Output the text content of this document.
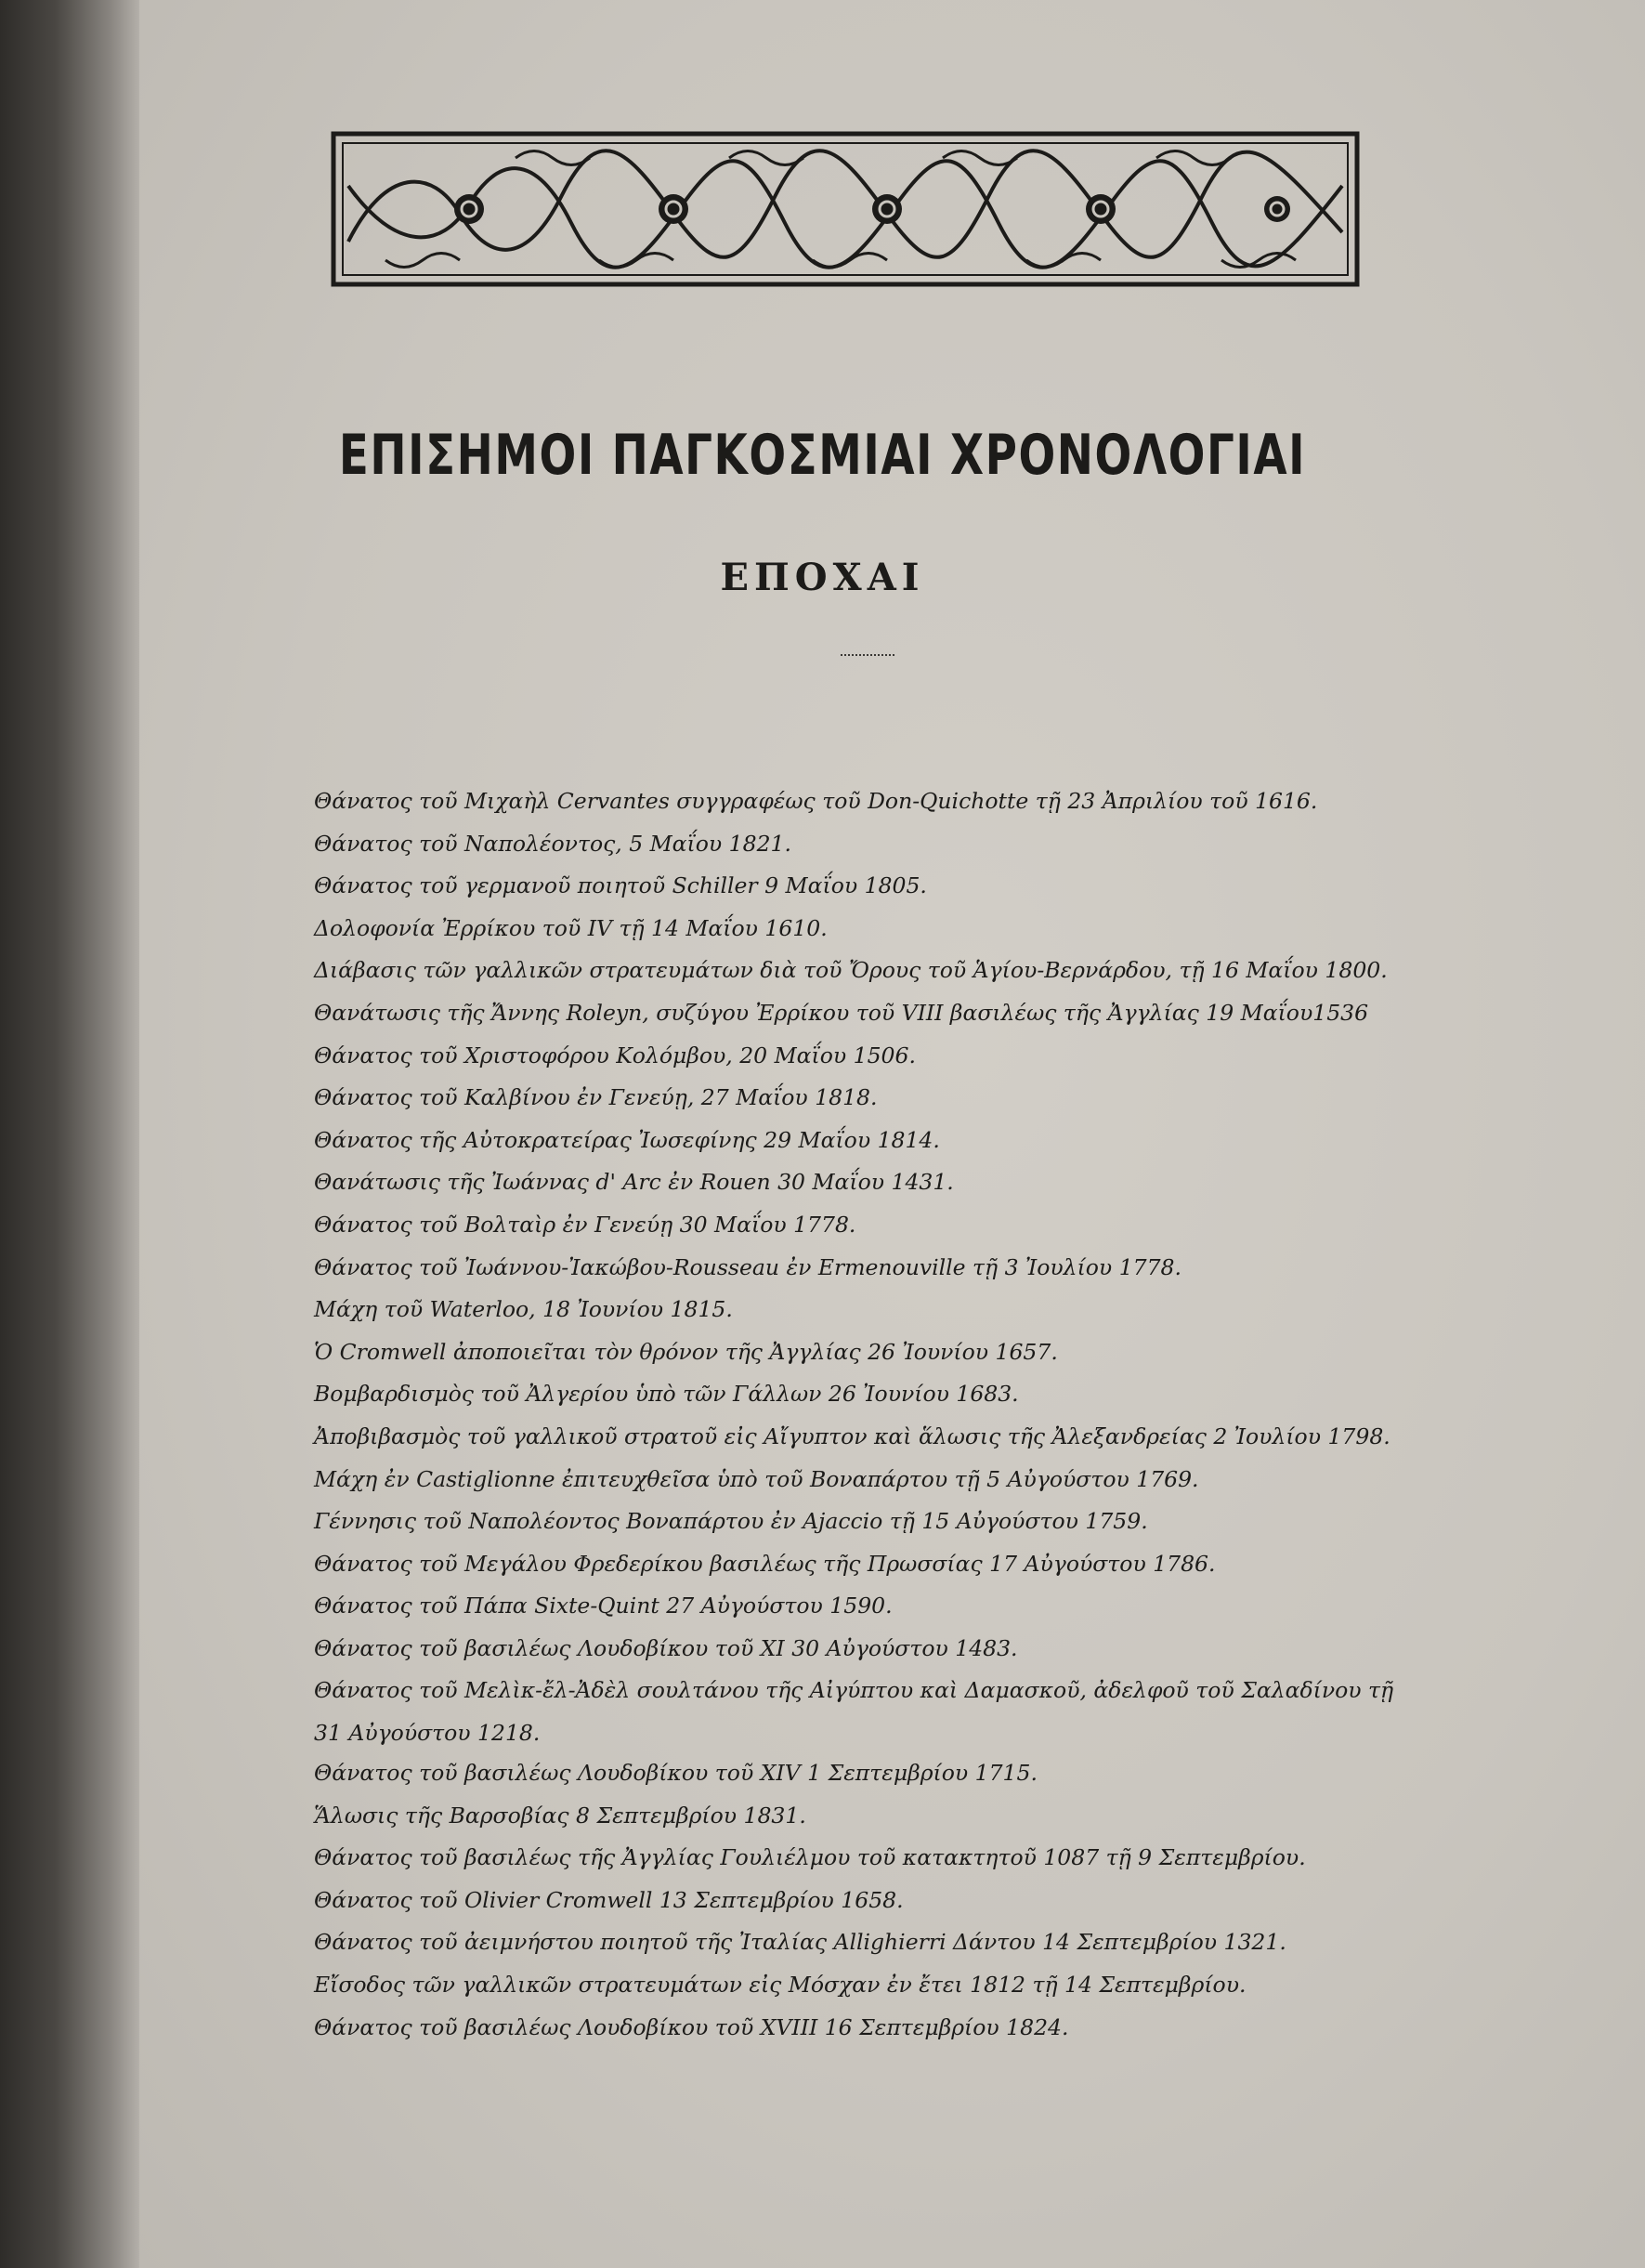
ΕΠΙΣΗΜΟΙ ΠΑΓΚΟΣΜΙΑΙ ΧΡΟΝΟΛΟΓΙΑΙ
ΕΠΟΧΑΙ
Θάνατος τοῦ Μιχαὴλ Cervantes συγγραφέως τοῦ Don-Quichotte τῇ 23 Ἀπριλίου τοῦ 1616.
Θάνατος τοῦ Ναπολέοντος, 5 Μαΐου 1821.
Θάνατος τοῦ γερμανοῦ ποιητοῦ Schiller 9 Μαΐου 1805.
Δολοφονία Ἐρρίκου τοῦ IV τῇ 14 Μαΐου 1610.
Διάβασις τῶν γαλλικῶν στρατευμάτων διὰ τοῦ Ὄρους τοῦ Ἁγίου-Βερνάρδου, τῇ 16 Μαΐου 1800.
Θανάτωσις τῆς Ἄννης Roleyn, συζύγου Ἐρρίκου τοῦ VIII βασιλέως τῆς Ἀγγλίας 19 Μαΐου1536
Θάνατος τοῦ Χριστοφόρου Κολόμβου, 20 Μαΐου 1506.
Θάνατος τοῦ Καλβίνου ἐν Γενεύῃ, 27 Μαΐου 1818.
Θάνατος τῆς Αὐτοκρατείρας Ἰωσεφίνης 29 Μαΐου 1814.
Θανάτωσις τῆς Ἰωάννας d' Arc ἐν Rouen 30 Μαΐου 1431.
Θάνατος τοῦ Βολταὶρ ἐν Γενεύῃ 30 Μαΐου 1778.
Θάνατος τοῦ Ἰωάννου-Ἰακώβου-Rousseau ἐν Ermenouville τῇ 3 Ἰουλίου 1778.
Μάχη τοῦ Waterloo, 18 Ἰουνίου 1815.
Ὁ Cromwell ἀποποιεῖται τὸν θρόνον τῆς Ἀγγλίας 26 Ἰουνίου 1657.
Βομβαρδισμὸς τοῦ Ἀλγερίου ὑπὸ τῶν Γάλλων 26 Ἰουνίου 1683.
Ἀποβιβασμὸς τοῦ γαλλικοῦ στρατοῦ εἰς Αἴγυπτον καὶ ἅλωσις τῆς Ἀλεξανδρείας 2 Ἰουλίου 1798.
Μάχη ἐν Castiglionne ἐπιτευχθεῖσα ὑπὸ τοῦ Βοναπάρτου τῇ 5 Αὐγούστου 1769.
Γέννησις τοῦ Ναπολέοντος Βοναπάρτου ἐν Ajaccio τῇ 15 Αὐγούστου 1759.
Θάνατος τοῦ Μεγάλου Φρεδερίκου βασιλέως τῆς Πρωσσίας 17 Αὐγούστου 1786.
Θάνατος τοῦ Πάπα Sixte-Quint 27 Αὐγούστου 1590.
Θάνατος τοῦ βασιλέως Λουδοβίκου τοῦ XI 30 Αὐγούστου 1483.
Θάνατος τοῦ Μελὶκ-ἔλ-Ἀδὲλ σουλτάνου τῆς Αἰγύπτου καὶ Δαμασκοῦ, ἀδελφοῦ τοῦ Σαλαδίνου τῇ
31 Αὐγούστου 1218.
Θάνατος τοῦ βασιλέως Λουδοβίκου τοῦ XIV 1 Σεπτεμβρίου 1715.
Ἅλωσις τῆς Βαρσοβίας 8 Σεπτεμβρίου 1831.
Θάνατος τοῦ βασιλέως τῆς Ἀγγλίας Γουλιέλμου τοῦ κατακτητοῦ 1087 τῇ 9 Σεπτεμβρίου.
Θάνατος τοῦ Olivier Cromwell 13 Σεπτεμβρίου 1658.
Θάνατος τοῦ ἀειμνήστου ποιητοῦ τῆς Ἰταλίας Allighierri Δάντου 14 Σεπτεμβρίου 1321.
Εἴσοδος τῶν γαλλικῶν στρατευμάτων εἰς Μόσχαν ἐν ἔτει 1812 τῇ 14 Σεπτεμβρίου.
Θάνατος τοῦ βασιλέως Λουδοβίκου τοῦ XVIII 16 Σεπτεμβρίου 1824.
